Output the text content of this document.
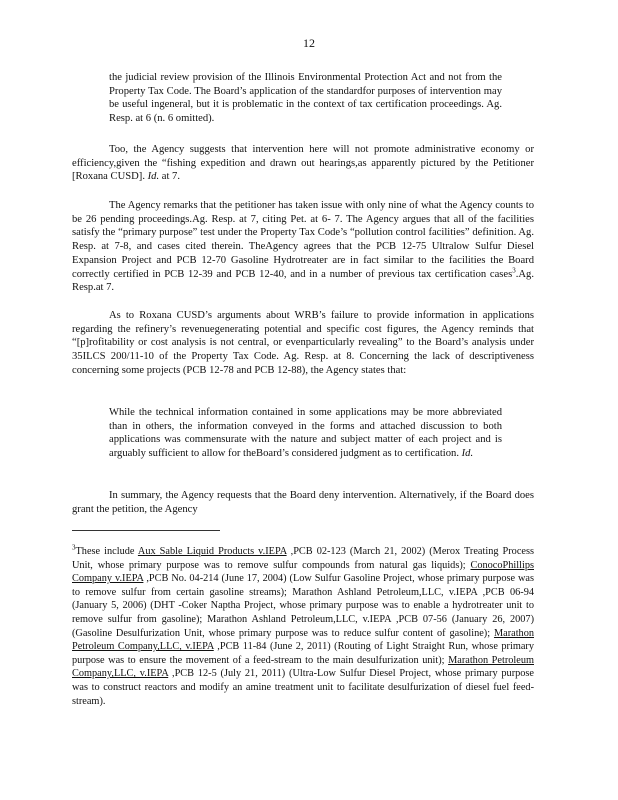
12

the judicial review provision of the Illinois Environmental Protection Act and not from the Property Tax Code. The Board’s application of the standardfor purposes of intervention may be useful ingeneral, but it is problematic in the context of tax certification proceedings. Ag. Resp. at 6 (n. 6 omitted).

Too, the Agency suggests that intervention here will not promote administrative economy or efficiency,given the “fishing expedition and drawn out hearings,as apparently pictured by the Petitioner [Roxana CUSD]. Id. at 7.

The Agency remarks that the petitioner has taken issue with only nine of what the Agency counts to be 26 pending proceedings.Ag. Resp. at 7, citing Pet. at 6- 7. The Agency argues that all of the facilities satisfy the “primary purpose” test under the Property Tax Code’s “pollution control facilities” definition. Ag. Resp. at 7-8, and cases cited therein. TheAgency agrees that the PCB 12-75 Ultralow Sulfur Diesel Expansion Project and PCB 12-70 Gasoline Hydrotreater are in fact similar to the facilities the Board correctly certified in PCB 12-39 and PCB 12-40, and in a number of previous tax certification cases$^3$.Ag. Resp.at 7.

As to Roxana CUSD’s arguments about WRB’s failure to provide information in applications regarding the refinery’s revenuegenerating potential and specific cost figures, the Agency reminds that “[p]rofitability or cost analysis is not central, or evenparticularly revealing” to the Board’s analysis under 35ILCS 200/11-10 of the Property Tax Code. Ag. Resp. at 8. Concerning the lack of descriptiveness concerning some projects (PCB 12-78 and PCB 12-88), the Agency states that:

While the technical information contained in some applications may be more abbreviated than in others, the information conveyed in the forms and attached discussion to both applications was commensurate with the nature and subject matter of each project and is arguably sufficient to allow for theBoard’s considered judgment as to certification. Id.

In summary, the Agency requests that the Board deny intervention. Alternatively, if the Board does grant the petition, the Agency

$^3$These include Aux Sable Liquid Products v.IEPA ,PCB 02-123 (March 21, 2002) (Merox Treating Process Unit, whose primary purpose was to remove sulfur compounds from natural gas liquids); ConocoPhillips Company v.IEPA ,PCB No. 04-214 (June 17, 2004) (Low Sulfur Gasoline Project, whose primary purpose was to remove sulfur from certain gasoline streams); Marathon Ashland Petroleum,LLC, v.IEPA ,PCB 06-94 (January 5, 2006) (DHT -Coker Naptha Project, whose primary purpose was to enable a hydrotreater unit to remove sulfur from gasoline); Marathon Ashland Petroleum,LLC, v.IEPA ,PCB 07-56 (January 26, 2007) (Gasoline Desulfurization Unit, whose primary purpose was to reduce sulfur content of gasoline); Marathon Petroleum Company,LLC, v.IEPA ,PCB 11-84 (June 2, 2011) (Routing of Light Straight Run, whose primary purpose was to ensure the movement of a feed-stream to the main desulfurization unit); Marathon Petroleum Company,LLC, v.IEPA ,PCB 12-5 (July 21, 2011) (Ultra-Low Sulfur Diesel Project, whose primary purpose was to construct reactors and modify an amine treatment unit to facilitate desulfurization of diesel fuel feed-stream).
